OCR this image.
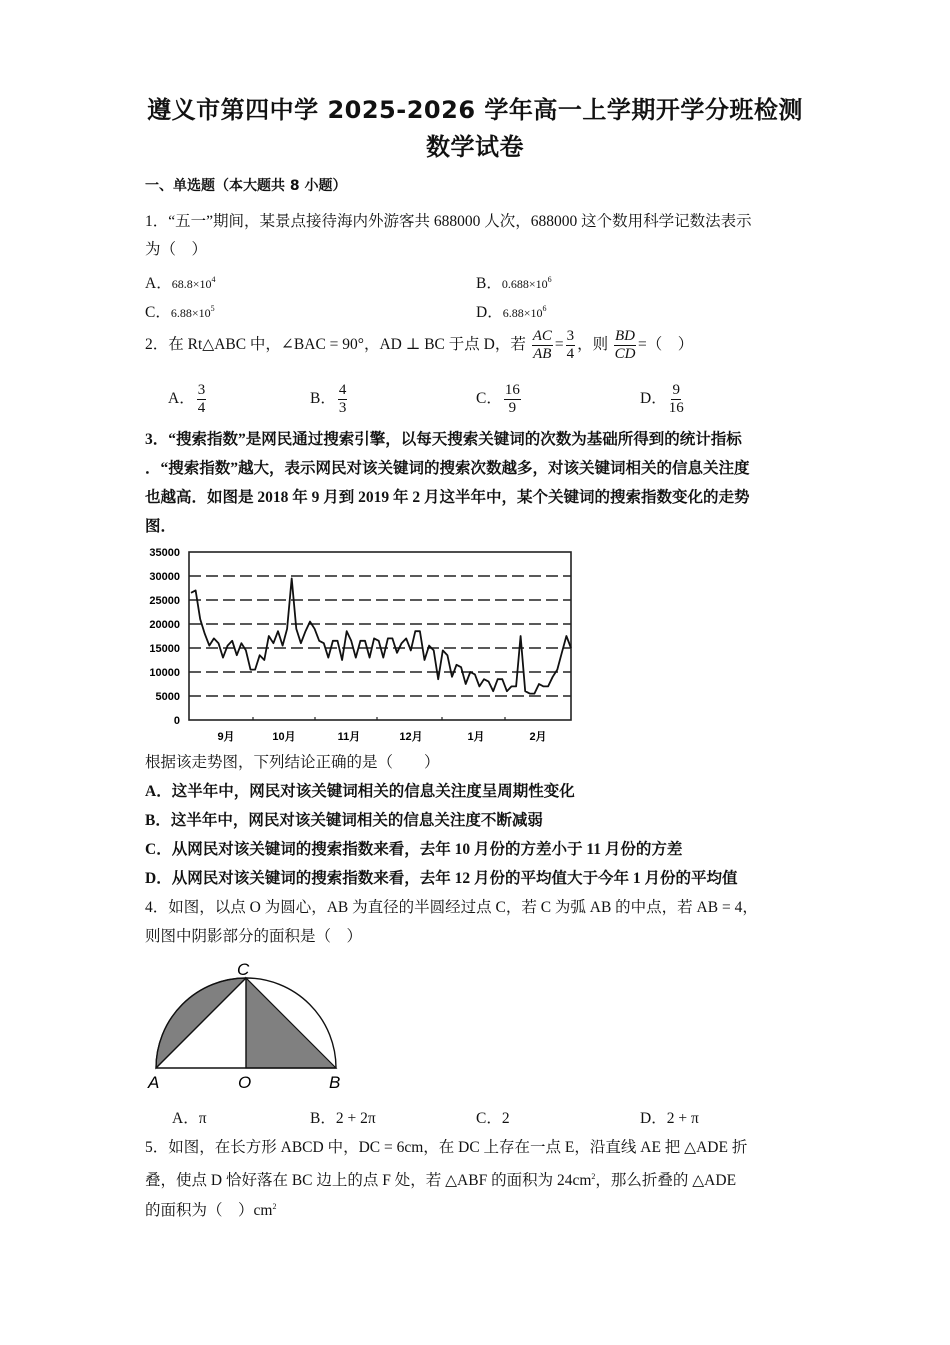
遵义市第四中学 2025-2026 学年高一上学期开学分班检测
数学试卷
一、单选题（本大题共 8 小题）
1．“五一”期间，某景点接待海内外游客共 688000 人次，688000 这个数用科学记数法表示
为（　）
A．$68.8\times 10^4$	B．$0.688\times 10^6$
C．$6.88\times 10^5$	D．$6.88\times 10^6$
2．在 Rt△ABC 中，∠BAC = 90°，AD ⊥ BC 于点 D，若 $\frac{AC}{AB} = \frac{3}{4}$ ，则 $\frac{BD}{CD}$ =（　）
A． $\frac{3}{4}$	B． $\frac{4}{3}$	C． $\frac{16}{9}$	D． $\frac{9}{16}$
3．“搜索指数”是网民通过搜索引擎，以每天搜索关键词的次数为基础所得到的统计指标
．“搜索指数”越大，表示网民对该关键词的搜索次数越多，对该关键词相关的信息关注度
也越高．如图是 2018 年 9 月到 2019 年 2 月这半年中，某个关键词的搜索指数变化的走势
图．
35000
30000
25000
20000
15000
10000
5000
0
9月	10月	11月	12月	1月	2月
根据该走势图，下列结论正确的是（　　）
A．这半年中，网民对该关键词相关的信息关注度呈周期性变化
B．这半年中，网民对该关键词相关的信息关注度不断减弱
C．从网民对该关键词的搜索指数来看，去年 10 月份的方差小于 11 月份的方差
D．从网民对该关键词的搜索指数来看，去年 12 月份的平均值大于今年 1 月份的平均值
4．如图，以点 O 为圆心，AB 为直径的半圆经过点 C，若 C 为弧 AB 的中点，若 AB = 4，
则图中阴影部分的面积是（　）
C
A	O	B
A．π	B．2 + 2π	C．2	D．2 + π
5．如图，在长方形 ABCD 中，DC = 6cm，在 DC 上存在一点 E，沿直线 AE 把 △ADE 折
叠，使点 D 恰好落在 BC 边上的点 F 处，若 △ABF 的面积为 $24cm^2$，那么折叠的 △ADE
的面积为（　）$cm^2$
